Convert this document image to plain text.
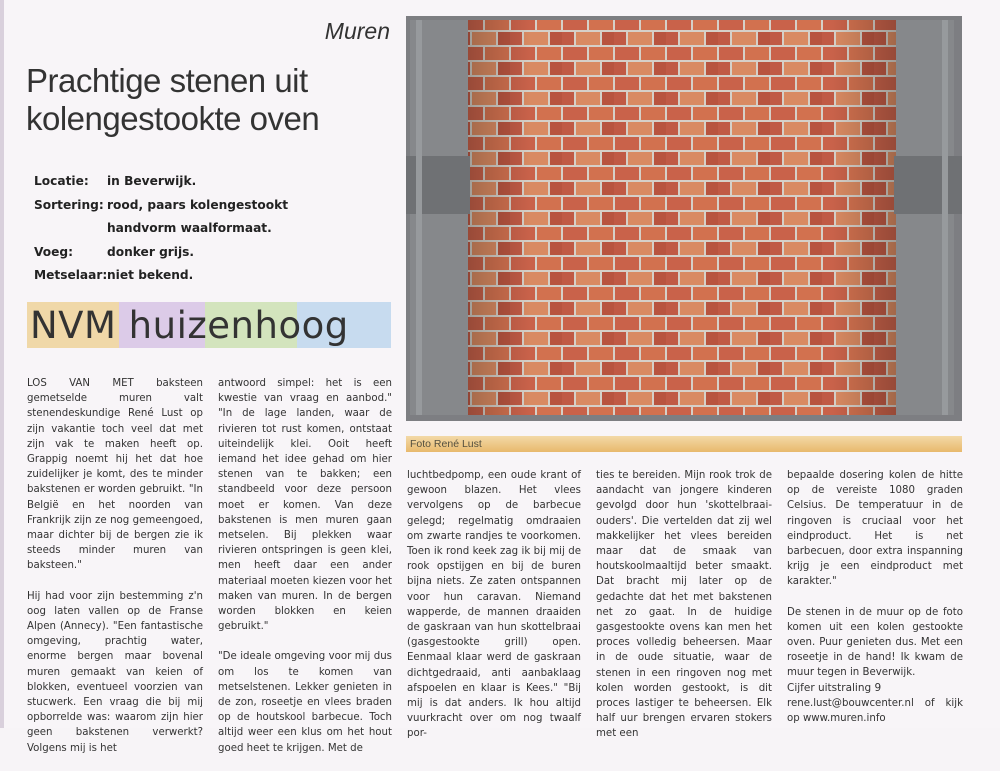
Muren
Prachtige stenen uit kolengestookte oven
Locatie:	in Beverwijk.
Sortering: rood, paars kolengestookt
handvorm waalformaat.
Voeg:	donker grijs.
Metselaar: niet bekend.
NVM huizenhoog

LOS VAN MET baksteen gemetselde muren valt stenendeskundige René Lust op zijn vakantie toch veel dat met zijn vak te maken heeft op. Grappig noemt hij het dat hoe zuidelijker je komt, des te minder bakstenen er worden gebruikt. "In België en het noorden van Frankrijk zijn ze nog gemeengoed, maar dichter bij de bergen zie ik steeds minder muren van baksteen."

Hij had voor zijn bestemming z'n oog laten vallen op de Franse Alpen (Annecy). "Een fantastische omgeving, prachtig water, enorme bergen maar bovenal muren gemaakt van keien of blokken, eventueel voorzien van stucwerk. Een vraag die bij mij opborrelde was: waarom zijn hier geen bakstenen verwerkt? Volgens mij is het

antwoord simpel: het is een kwestie van vraag en aanbod." "In de lage landen, waar de rivieren tot rust komen, ontstaat uiteindelijk klei. Ooit heeft iemand het idee gehad om hier stenen van te bakken; een standbeeld voor deze persoon moet er komen. Van deze bakstenen is men muren gaan metselen. Bij plekken waar rivieren ontspringen is geen klei, men heeft daar een ander materiaal moeten kiezen voor het maken van muren. In de bergen worden blokken en keien gebruikt."

"De ideale omgeving voor mij dus om los te komen van metselstenen. Lekker genieten in de zon, roseetje en vlees braden op de houtskool barbecue. Toch altijd weer een klus om het hout goed heet te krijgen. Met de

Foto René Lust

luchtbedpomp, een oude krant of gewoon blazen. Het vlees vervolgens op de barbecue gelegd; regelmatig omdraaien om zwarte randjes te voorkomen. Toen ik rond keek zag ik bij mij de rook opstijgen en bij de buren bijna niets. Ze zaten ontspannen voor hun caravan. Niemand wapperde, de mannen draaiden de gaskraan van hun skottelbraai (gasgestookte grill) open. Eenmaal klaar werd de gaskraan dichtgedraaid, anti aanbaklaag afspoelen en klaar is Kees." "Bij mij is dat anders. Ik hou altijd vuurkracht over om nog twaalf por-

ties te bereiden. Mijn rook trok de aandacht van jongere kinderen gevolgd door hun 'skottelbraai-ouders'. Die vertelden dat zij wel makkelijker het vlees bereiden maar dat de smaak van houtskoolmaaltijd beter smaakt. Dat bracht mij later op de gedachte dat het met bakstenen net zo gaat. In de huidige gasgestookte ovens kan men het proces volledig beheersen. Maar in de oude situatie, waar de stenen in een ringoven nog met kolen worden gestookt, is dit proces lastiger te beheersen. Elk half uur brengen ervaren stokers met een

bepaalde dosering kolen de hitte op de vereiste 1080 graden Celsius. De temperatuur in de ringoven is cruciaal voor het eindproduct. Het is net barbecuen, door extra inspanning krijg je een eindproduct met karakter."

De stenen in de muur op de foto komen uit een kolen gestookte oven. Puur genieten dus. Met een roseetje in de hand! Ik kwam de muur tegen in Beverwijk.

Cijfer uitstraling 9
rene.lust@bouwcenter.nl of kijk op www.muren.info
